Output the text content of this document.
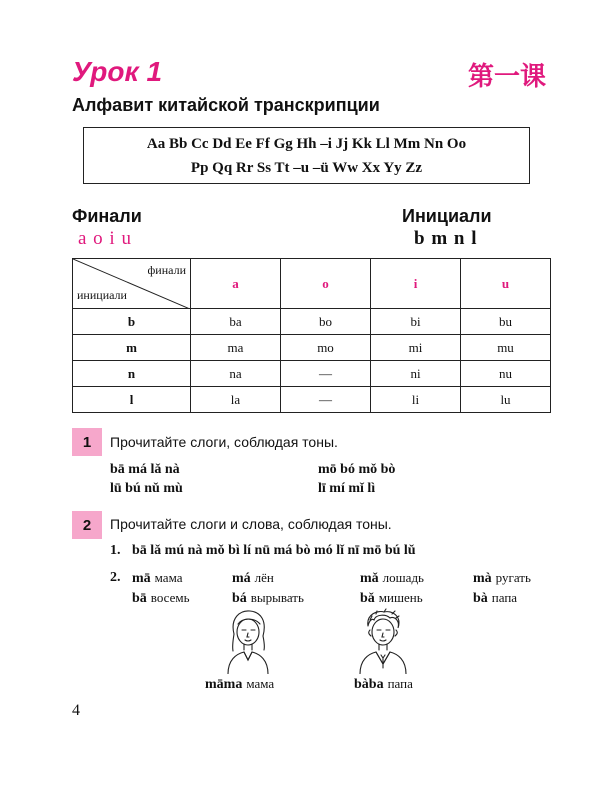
Урок 1	第一课
Алфавит китайской транскрипции
Aa Bb Cc Dd Ee Ff Gg Hh –i Jj Kk Ll Mm Nn Oo
Pp Qq Rr Ss Tt –u –ü Ww Xx Yy Zz
Финали
a o i u
Инициали
b m n l
финали
инициали	a	o	i	u
b	ba	bo	bi	bu
m	ma	mo	mi	mu
n	na	—	ni	nu
l	la	—	li	lu
1	Прочитайте слоги, соблюдая тоны.
bā má lǎ nà
lū bú nǔ mù
mō bó mǒ bò
lī mí mǐ lì
2	Прочитайте слоги и слова, соблюдая тоны.
1. bā lǎ mú nà mǒ bì lí nū má bò mó lǐ nī mō bú lǔ
2. mā мама	má лён	mǎ лошадь	mà ругать
bā восемь	bá вырывать	bǎ мишень	bà папа
māma мама	bàba папа
4
